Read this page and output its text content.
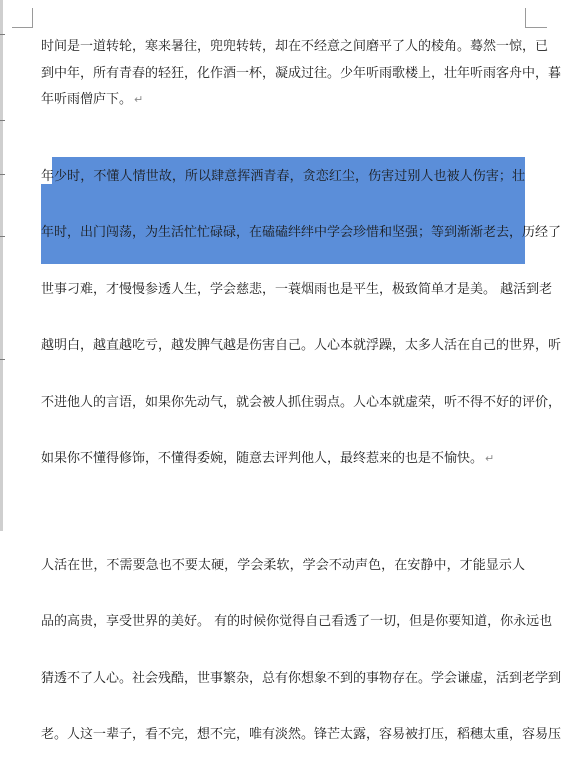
时间是一道转轮，寒来暑往，兜兜转转，却在不经意之间磨平了人的棱角。蓦然一惊，已
到中年，所有青春的轻狂，化作酒一杯，凝成过往。少年听雨歌楼上，壮年听雨客舟中，暮
年听雨僧庐下。 ↵

年少时，不懂人情世故，所以肆意挥洒青春，贪恋红尘，伤害过别人也被人伤害；壮

年时，出门闯荡，为生活忙忙碌碌，在磕磕绊绊中学会珍惜和坚强；等到渐渐老去，历经了

世事刁难，才慢慢参透人生，学会慈悲，一蓑烟雨也是平生，极致简单才是美。 越活到老

越明白，越直越吃亏，越发脾气越是伤害自己。人心本就浮躁，太多人活在自己的世界，听

不进他人的言语，如果你先动气，就会被人抓住弱点。人心本就虚荣，听不得不好的评价，

如果你不懂得修饰，不懂得委婉，随意去评判他人，最终惹来的也是不愉快。 ↵

人活在世，不需要急也不要太硬，学会柔软，学会不动声色，在安静中，才能显示人

品的高贵，享受世界的美好。 有的时候你觉得自己看透了一切，但是你要知道，你永远也

猜透不了人心。社会残酷，世事繁杂，总有你想象不到的事物存在。学会谦虚，活到老学到

老。人这一辈子，看不完，想不完，唯有淡然。锋芒太露，容易被打压，稻穗太重，容易压
